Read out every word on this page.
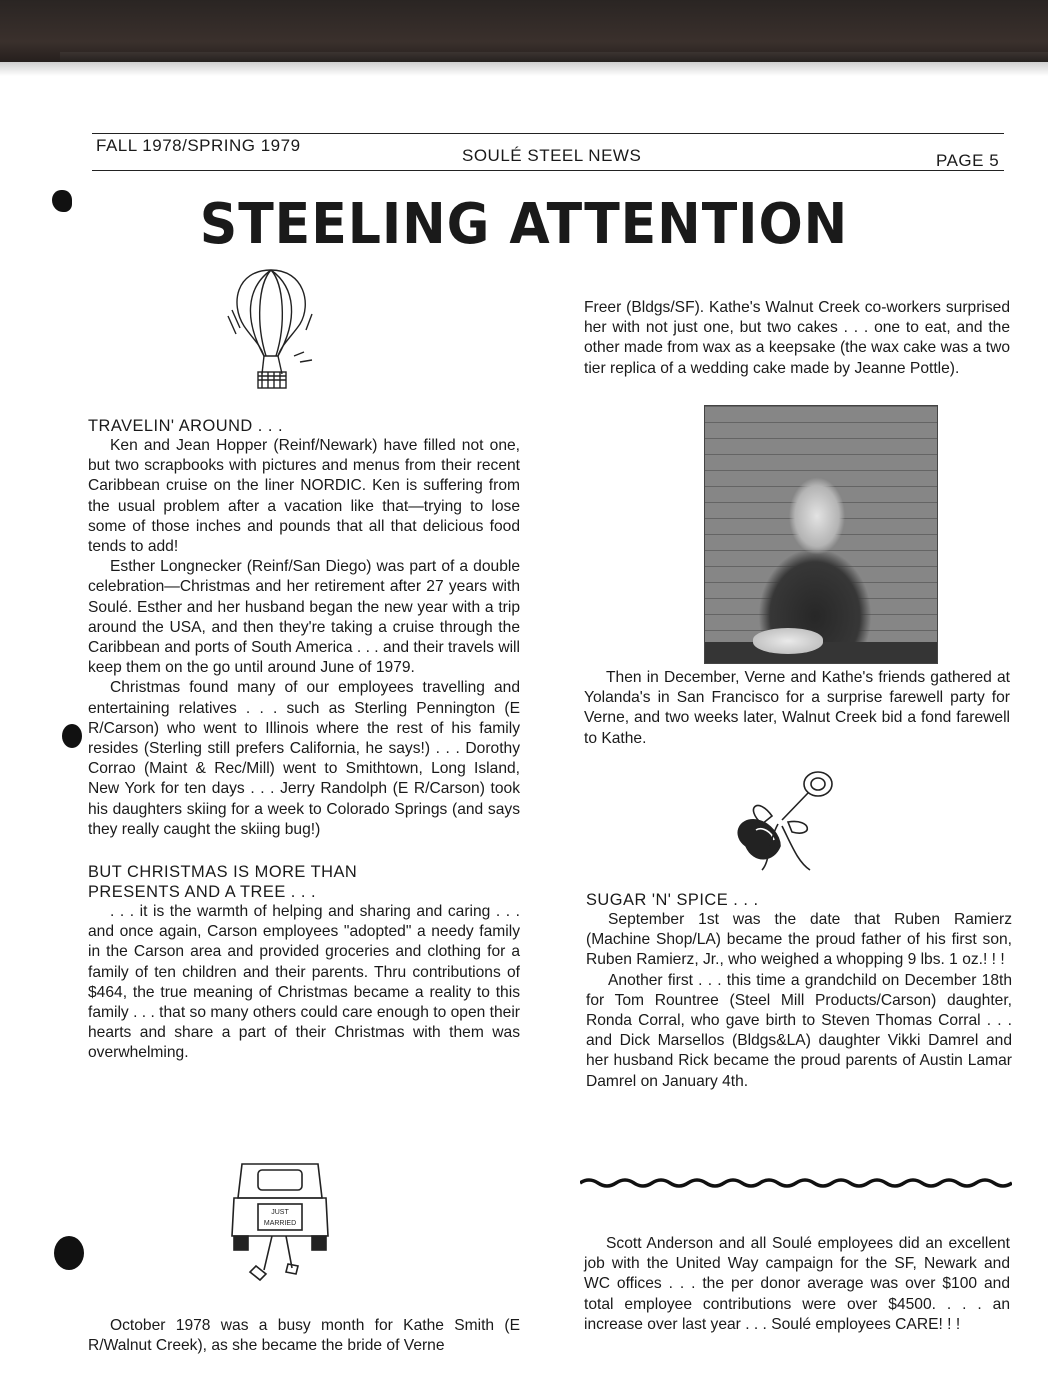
FALL 1978/SPRING 1979
SOULÉ STEEL NEWS	PAGE 5
STEELING ATTENTION

TRAVELIN' AROUND . . .

Ken and Jean Hopper (Reinf/Newark) have filled not one, but two scrapbooks with pictures and menus from their recent Caribbean cruise on the liner NORDIC. Ken is suffering from the usual problem after a vacation like that—trying to lose some of those inches and pounds that all that delicious food tends to add!

Esther Longnecker (Reinf/San Diego) was part of a double celebration—Christmas and her retirement after 27 years with Soulé. Esther and her husband began the new year with a trip around the USA, and then they're taking a cruise through the Caribbean and ports of South America . . . and their travels will keep them on the go until around June of 1979.

Christmas found many of our employees travelling and entertaining relatives . . . such as Sterling Pennington (E R/Carson) who went to Illinois where the rest of his family resides (Sterling still prefers California, he says!) . . . Dorothy Corrao (Maint & Rec/Mill) went to Smithtown, Long Island, New York for ten days . . . Jerry Randolph (E R/Carson) took his daughters skiing for a week to Colorado Springs (and says they really caught the skiing bug!)

BUT CHRISTMAS IS MORE THAN

PRESENTS AND A TREE . . .

. . . it is the warmth of helping and sharing and caring . . . and once again, Carson employees "adopted" a needy family in the Carson area and provided groceries and clothing for a family of ten children and their parents. Thru contributions of $464, the true meaning of Christmas became a reality to this family . . . that so many others could care enough to open their hearts and share a part of their Christmas with them was overwhelming.

JUST
MARRIED

October 1978 was a busy month for Kathe Smith (E R/Walnut Creek), as she became the bride of Verne

Freer (Bldgs/SF). Kathe's Walnut Creek co-workers surprised her with not just one, but two cakes . . . one to eat, and the other made from wax as a keepsake (the wax cake was a two tier replica of a wedding cake made by Jeanne Pottle).

Then in December, Verne and Kathe's friends gathered at Yolanda's in San Francisco for a surprise farewell party for Verne, and two weeks later, Walnut Creek bid a fond farewell to Kathe.

SUGAR 'N' SPICE . . .

September 1st was the date that Ruben Ramierz (Machine Shop/LA) became the proud father of his first son, Ruben Ramierz, Jr., who weighed a whopping 9 lbs. 1 oz.! ! !

Another first . . . this time a grandchild on December 18th for Tom Rountree (Steel Mill Products/Carson) daughter, Ronda Corral, who gave birth to Steven Thomas Corral . . . and Dick Marsellos (Bldgs&LA) daughter Vikki Damrel and her husband Rick became the proud parents of Austin Lamar Damrel on January 4th.

Scott Anderson and all Soulé employees did an excellent job with the United Way campaign for the SF, Newark and WC offices . . . the per donor average was over $100 and total employee contributions were over $4500. . . . an increase over last year . . . Soulé employees CARE! ! !
